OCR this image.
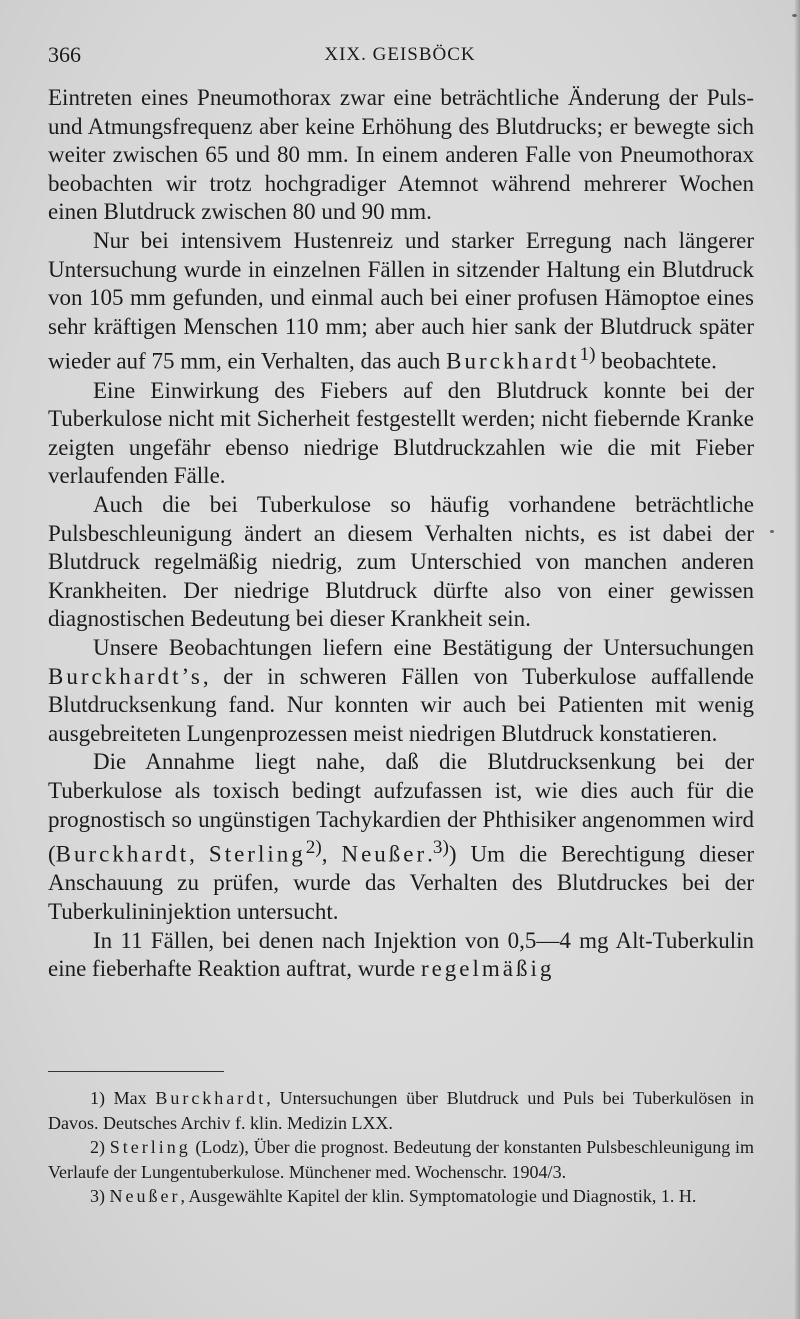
366	XIX. GEISBÖCK

Eintreten eines Pneumothorax zwar eine beträchtliche Änderung der Puls- und Atmungsfrequenz aber keine Erhöhung des Blutdrucks; er bewegte sich weiter zwischen 65 und 80 mm. In einem anderen Falle von Pneumothorax beobachten wir trotz hochgradiger Atemnot während mehrerer Wochen einen Blutdruck zwischen 80 und 90 mm.

Nur bei intensivem Hustenreiz und starker Erregung nach längerer Untersuchung wurde in einzelnen Fällen in sitzender Haltung ein Blutdruck von 105 mm gefunden, und einmal auch bei einer profusen Hämoptoe eines sehr kräftigen Menschen 110 mm; aber auch hier sank der Blutdruck später wieder auf 75 mm, ein Verhalten, das auch Burckhardt$^{1)}$ beobachtete.

Eine Einwirkung des Fiebers auf den Blutdruck konnte bei der Tuberkulose nicht mit Sicherheit festgestellt werden; nicht fiebernde Kranke zeigten ungefähr ebenso niedrige Blutdruckzahlen wie die mit Fieber verlaufenden Fälle.

Auch die bei Tuberkulose so häufig vorhandene beträchtliche Pulsbeschleunigung ändert an diesem Verhalten nichts, es ist dabei der Blutdruck regelmäßig niedrig, zum Unterschied von manchen anderen Krankheiten. Der niedrige Blutdruck dürfte also von einer gewissen diagnostischen Bedeutung bei dieser Krankheit sein.

Unsere Beobachtungen liefern eine Bestätigung der Untersuchungen Burckhardt’s, der in schweren Fällen von Tuberkulose auffallende Blutdrucksenkung fand. Nur konnten wir auch bei Patienten mit wenig ausgebreiteten Lungenprozessen meist niedrigen Blutdruck konstatieren.

Die Annahme liegt nahe, daß die Blutdrucksenkung bei der Tuberkulose als toxisch bedingt aufzufassen ist, wie dies auch für die prognostisch so ungünstigen Tachykardien der Phthisiker angenommen wird (Burckhardt, Sterling$^{2)}$, Neußer.$^{3)}$) Um die Berechtigung dieser Anschauung zu prüfen, wurde das Verhalten des Blutdruckes bei der Tuberkulininjektion untersucht.

In 11 Fällen, bei denen nach Injektion von 0,5—4 mg Alt-Tuberkulin eine fieberhafte Reaktion auftrat, wurde regelmäßig

1) Max Burckhardt, Untersuchungen über Blutdruck und Puls bei Tuberkulösen in Davos. Deutsches Archiv f. klin. Medizin LXX.

2) Sterling (Lodz), Über die prognost. Bedeutung der konstanten Pulsbeschleunigung im Verlaufe der Lungentuberkulose. Münchener med. Wochenschr. 1904/3.

3) Neußer, Ausgewählte Kapitel der klin. Symptomatologie und Diagnostik, 1. H.
